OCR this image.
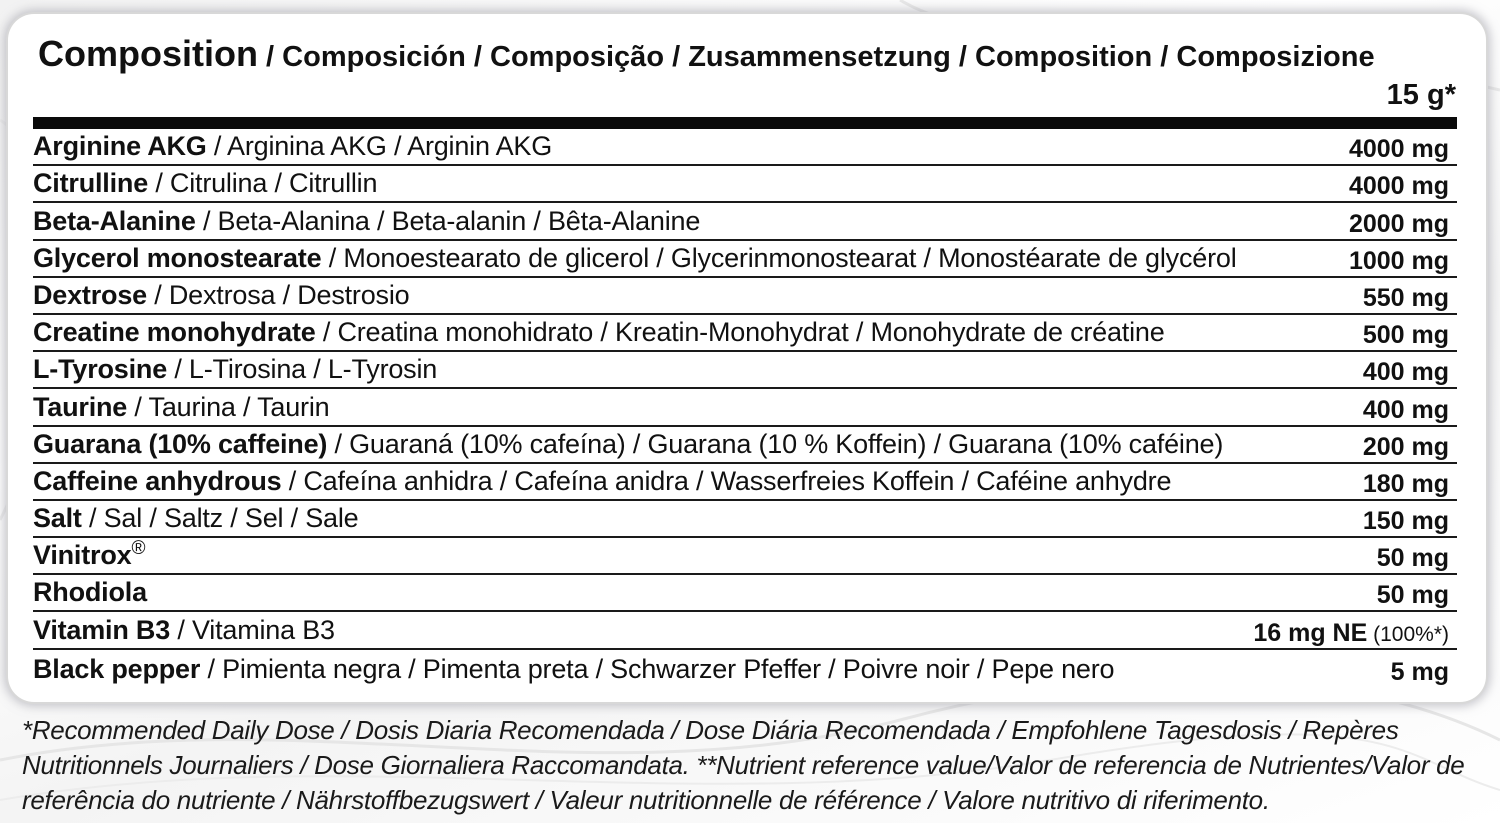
Composition / Composición / Composição / Zusammensetzung / Composition / Composizione
15 g*
Arginine AKG / Arginina AKG / Arginin AKG	4000 mg
Citrulline / Citrulina / Citrullin	4000 mg
Beta-Alanine / Beta-Alanina / Beta-alanin / Bêta-Alanine	2000 mg
Glycerol monostearate / Monoestearato de glicerol / Glycerinmonostearat / Monostéarate de glycérol	1000 mg
Dextrose / Dextrosa / Destrosio	550 mg
Creatine monohydrate / Creatina monohidrato / Kreatin-Monohydrat / Monohydrate de créatine	500 mg
L-Tyrosine / L-Tirosina / L-Tyrosin	400 mg
Taurine / Taurina / Taurin	400 mg
Guarana (10% caffeine) / Guaraná (10% cafeína) / Guarana (10 % Koffein) / Guarana (10% caféine)	200 mg
Caffeine anhydrous / Cafeína anhidra / Cafeína anidra / Wasserfreies Koffein / Caféine anhydre	180 mg
Salt / Sal / Saltz / Sel / Sale	150 mg
Vinitrox®	50 mg
Rhodiola	50 mg
Vitamin B3 / Vitamina B3	16 mg NE (100%*)
Black pepper / Pimienta negra / Pimenta preta / Schwarzer Pfeffer / Poivre noir / Pepe nero	5 mg
*Recommended Daily Dose / Dosis Diaria Recomendada / Dose Diária Recomendada / Empfohlene Tagesdosis / Repères Nutritionnels Journaliers / Dose Giornaliera Raccomandata. **Nutrient reference value/Valor de referencia de Nutrientes/Valor de referência do nutriente / Nährstoffbezugswert / Valeur nutritionnelle de référence / Valore nutritivo di riferimento.
